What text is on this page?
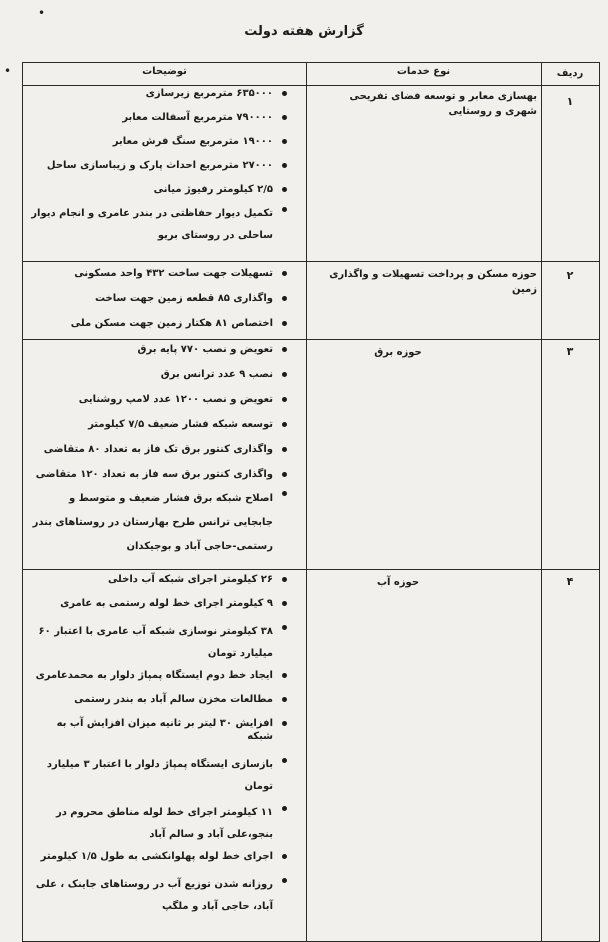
•
•
گزارش هفته دولت
ردیف
نوع خدمات
توضیحات
۱
بهسازی معابر و توسعه فضای تفریحی شهری و روستایی
۶۳۵۰۰۰ مترمربع زیرسازی
۷۹۰۰۰۰ مترمربع آسفالت معابر
۱۹۰۰۰ مترمربع سنگ فرش معابر
۲۷۰۰۰ مترمربع احداث پارک و زیباسازی ساحل
۲/۵ کیلومتر رفیوژ میانی
تکمیل دیوار حفاظتی در بندر عامری و انجام دیوار ساحلی در روستای بریو
۲
حوزه مسکن و پرداخت تسهیلات و واگذاری زمین
تسهیلات جهت ساخت ۴۳۲ واحد مسکونی
واگذاری ۸۵ قطعه زمین جهت ساخت
اختصاص ۸۱ هکتار زمین جهت مسکن ملی
۳
حوزه برق
تعویض و نصب ۷۷۰ پایه برق
نصب ۹ عدد ترانس برق
تعویض و نصب ۱۲۰۰ عدد لامپ روشنایی
توسعه شبکه فشار ضعیف ۷/۵ کیلومتر
واگذاری کنتور برق تک فاز به تعداد ۸۰ متقاضی
واگذاری کنتور برق سه فاز به تعداد ۱۲۰ متقاضی
اصلاح شبکه برق فشار ضعیف و متوسط و جابجایی ترانس طرح بهارستان در روستاهای بندر رستمی-حاجی آباد و بوجیکدان
۴
حوزه آب
۲۶ کیلومتر اجرای شبکه آب داخلی
۹ کیلومتر اجرای خط لوله رستمی به عامری
۳۸ کیلومتر نوسازی شبکه آب عامری با اعتبار ۶۰ میلیارد تومان
ایجاد خط دوم ایستگاه پمپاژ دلوار به محمدعامری
مطالعات مخزن سالم آباد به بندر رستمی
افزایش ۳۰ لیتر بر ثانیه میزان افزایش آب به شبکه
بازسازی ایستگاه پمپاژ دلوار با اعتبار ۳ میلیارد تومان
۱۱ کیلومتر اجرای خط لوله مناطق محروم در بنجو،علی آباد و سالم آباد
اجرای خط لوله پهلوانکشی به طول ۱/۵ کیلومتر
روزانه شدن توزیع آب در روستاهای جاینک ، علی آباد، حاجی آباد و ملگپ
